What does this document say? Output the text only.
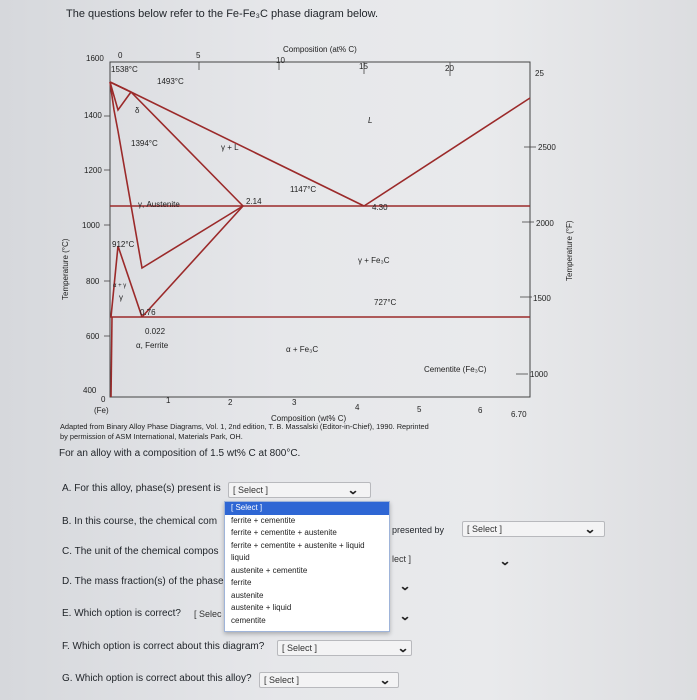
The questions below refer to the Fe-Fe₃C phase diagram below.
Composition (at% C)
0	5
10
15	20
25
Temperature (°C)
1600
1400
1200
1000
800
600
400
Temperature (°F)
2500
2000
1500
1000
0	1	2	3
4	5	6	6.70
(Fe)
Composition (wt% C)
1538°C
1493°C
δ
1394°C	γ + L
L
1147°C
2.14
4.30
γ, Austenite
912°C
γ + Fe₃C
727°C
α + γ
γ
0.76
0.022
α, Ferrite	α + Fe₃C
Cementite (Fe₃C)
Adapted from Binary Alloy Phase Diagrams, Vol. 1, 2nd edition, T. B. Massalski (Editor-in-Chief), 1990. Reprinted
by permission of ASM International, Materials Park, OH.
For an alloy with a composition of 1.5 wt% C at 800°C.
A. For this alloy, phase(s) present is [ Select ]	⌄
B. In this course, the chemical com
presented by	[ Select ]	⌄
C. The unit of the chemical compos
lect ]	⌄
D. The mass fraction(s) of the phase	⌄
E. Which option is correct? [ Selec	⌄
F. Which option is correct about this diagram? [ Select ]	⌄
G. Which option is correct about this alloy? [ Select ]	⌄
[ Select ]
ferrite + cementite
ferrite + cementite + austenite
ferrite + cementite + austenite + liquid
liquid
austenite + cementite
ferrite
austenite
austenite + liquid
cementite
